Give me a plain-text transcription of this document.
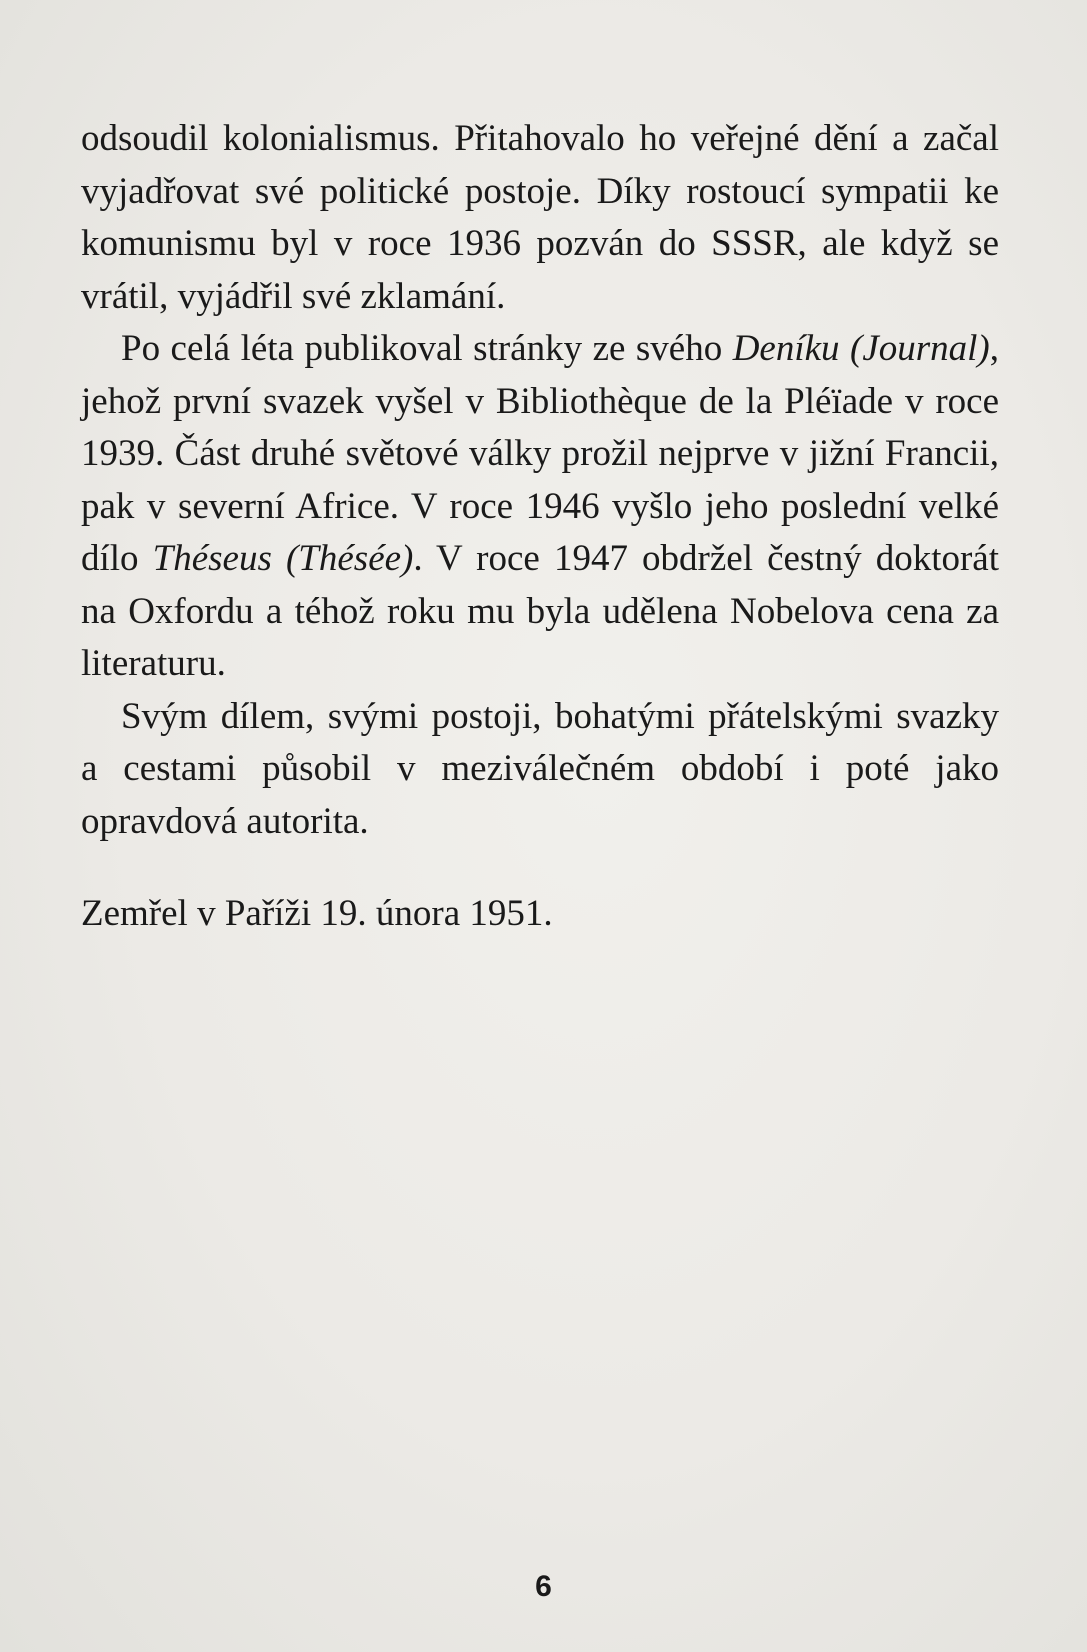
odsoudil kolonialismus. Přitahovalo ho veřejné dění a začal vyjadřovat své politické postoje. Díky rostoucí sympatii ke komunismu byl v roce 1936 pozván do SSSR, ale když se vrátil, vyjádřil své zklamání.

Po celá léta publikoval stránky ze svého Deníku (Journal), jehož první svazek vyšel v Bibliothèque de la Pléïade v roce 1939. Část druhé světové války prožil nejprve v jižní Francii, pak v severní Africe. V roce 1946 vyšlo jeho poslední velké dílo Théseus (Thésée). V roce 1947 obdržel čestný doktorát na Oxfordu a téhož roku mu byla udělena Nobelova cena za literaturu.

Svým dílem, svými postoji, bohatými přátelskými svazky a cestami působil v meziválečném období i poté jako opravdová autorita.

Zemřel v Paříži 19. února 1951.

6
